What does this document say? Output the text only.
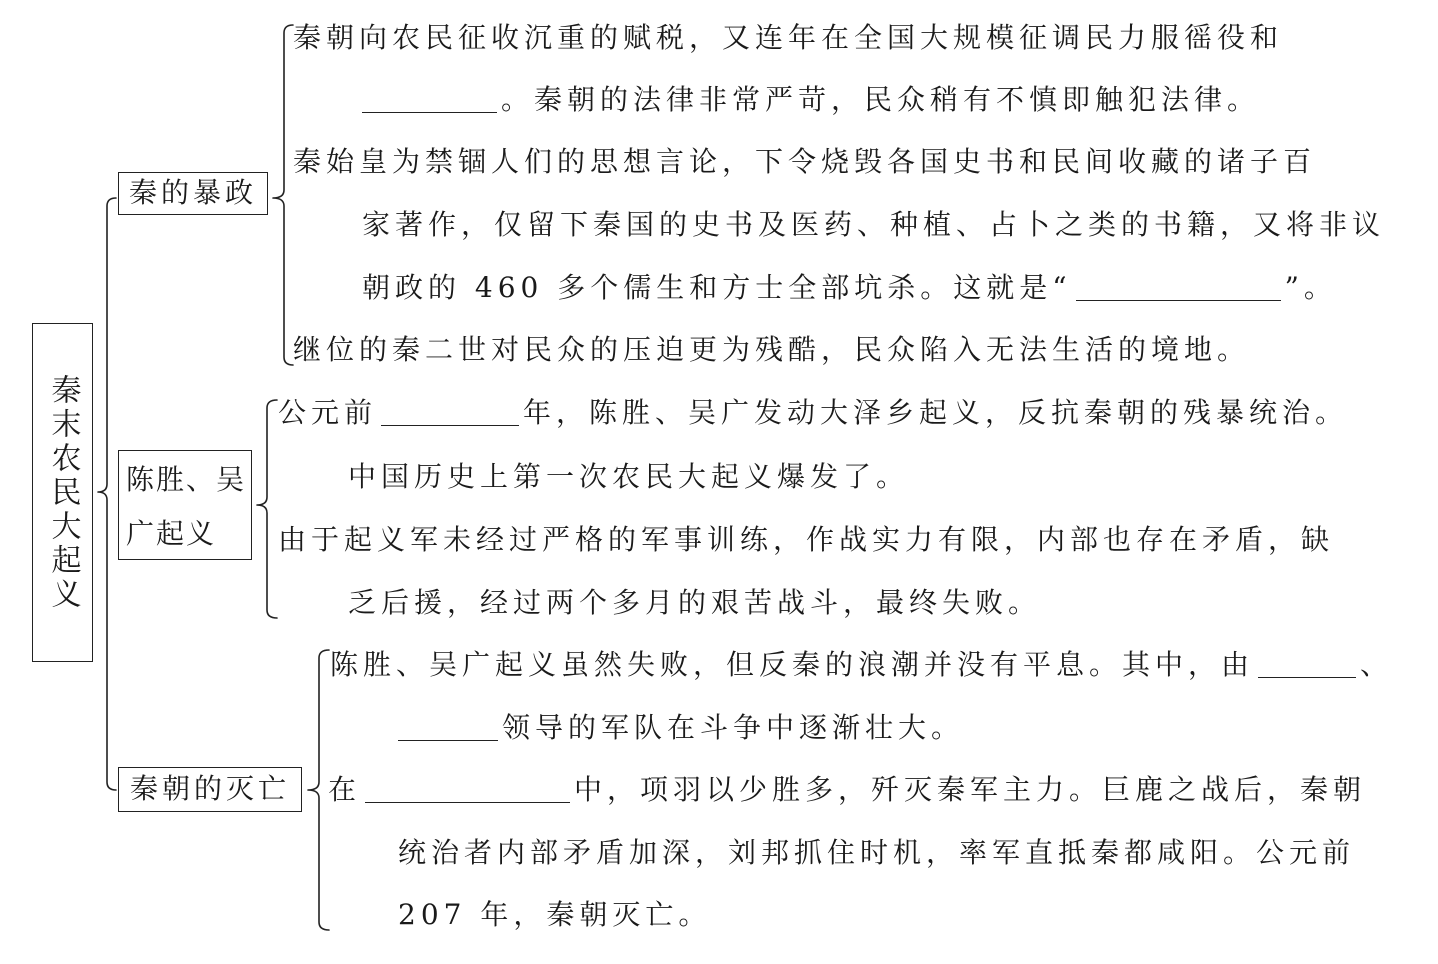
秦末农民大起义
秦的暴政
秦朝向农民征收沉重的赋税，又连年在全国大规模征调民力服徭役和
。秦朝的法律非常严苛，民众稍有不慎即触犯法律。
秦始皇为禁锢人们的思想言论，下令烧毁各国史书和民间收藏的诸子百
家著作，仅留下秦国的史书及医药、种植、占卜之类的书籍，又将非议
朝政的 460 多个儒生和方士全部坑杀。这就是“	”。
继位的秦二世对民众的压迫更为残酷，民众陷入无法生活的境地。
陈胜、吴
广起义
公元前	年，陈胜、吴广发动大泽乡起义，反抗秦朝的残暴统治。
中国历史上第一次农民大起义爆发了。
由于起义军未经过严格的军事训练，作战实力有限，内部也存在矛盾，缺
乏后援，经过两个多月的艰苦战斗，最终失败。
秦朝的灭亡
陈胜、吴广起义虽然失败，但反秦的浪潮并没有平息。其中，由	、
领导的军队在斗争中逐渐壮大。
在	中，项羽以少胜多，歼灭秦军主力。巨鹿之战后，秦朝
统治者内部矛盾加深，刘邦抓住时机，率军直抵秦都咸阳。公元前
207 年，秦朝灭亡。
